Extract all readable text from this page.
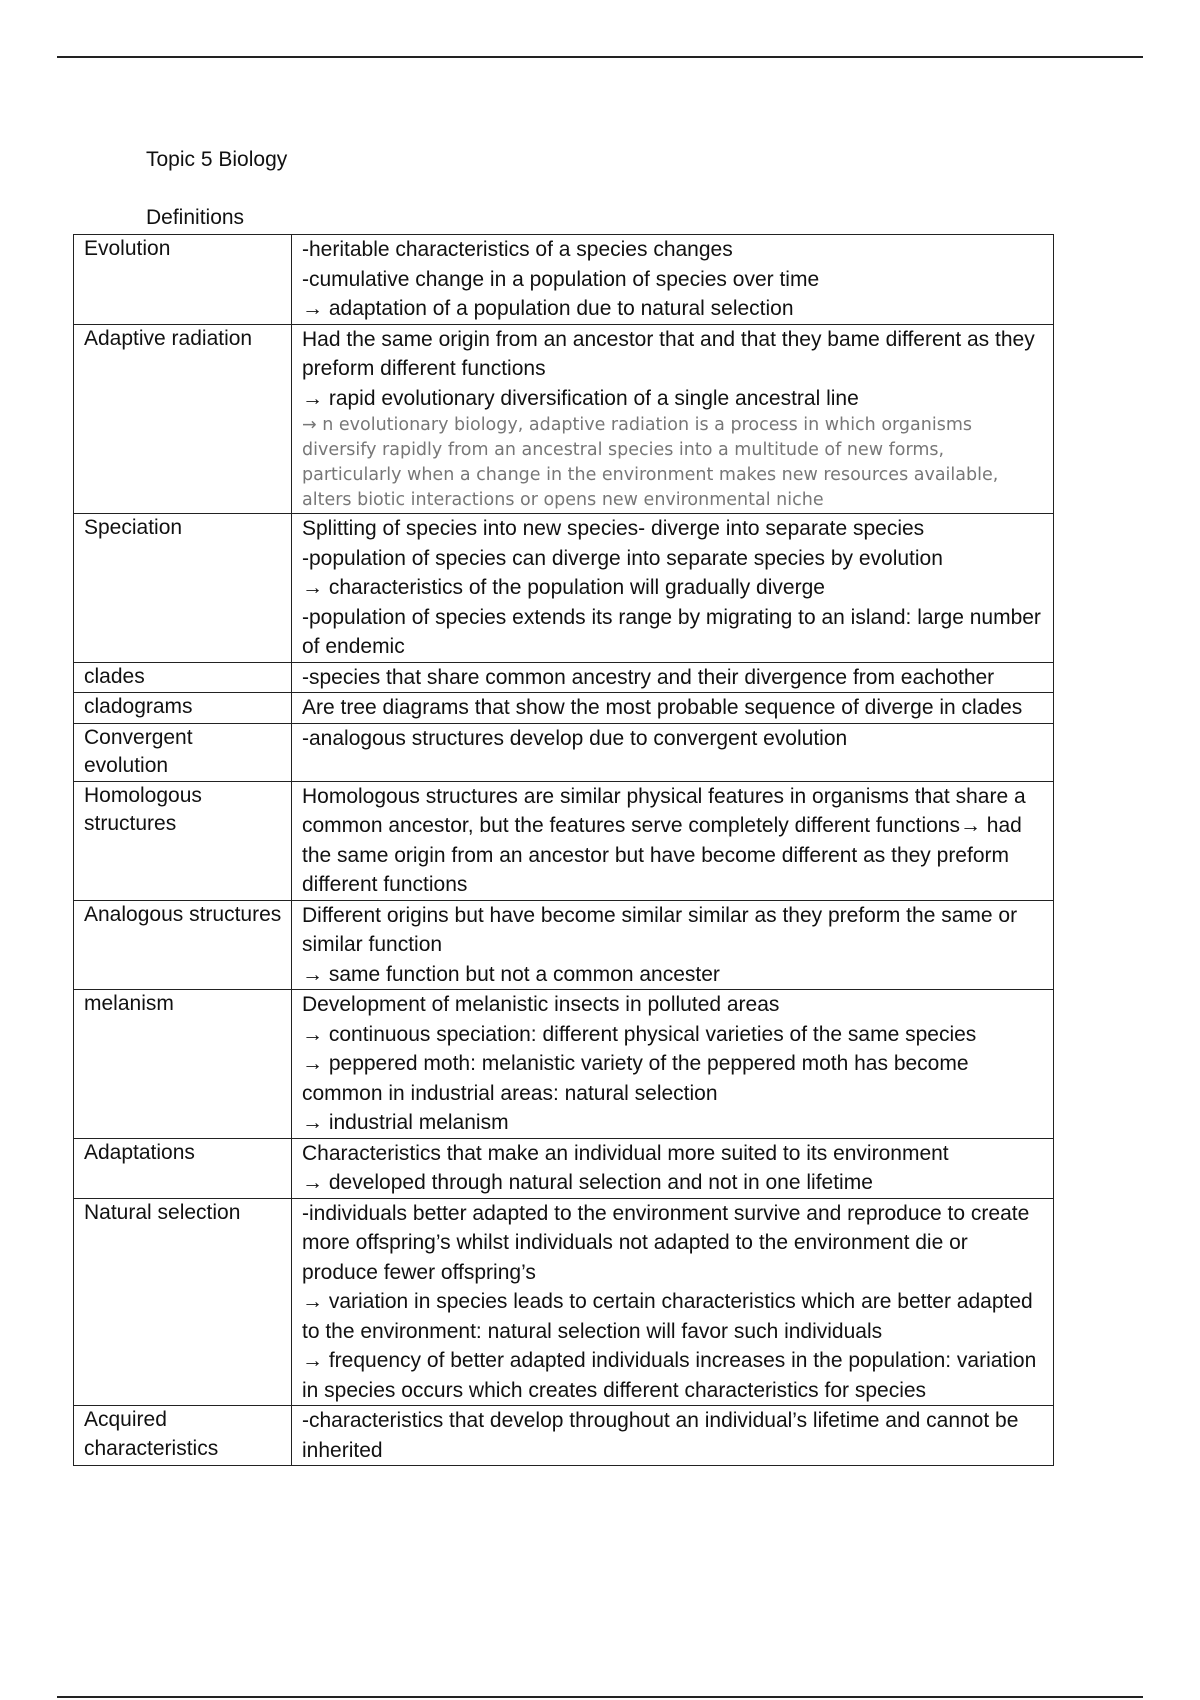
Topic 5 Biology
Definitions
Evolution	-heritable characteristics of a species changes
-cumulative change in a population of species over time
→ adaptation of a population due to natural selection

Adaptive radiation	Had the same origin from an ancestor that and that they bame different as they preform different functions
→ rapid evolutionary diversification of a single ancestral line
→ n evolutionary biology, adaptive radiation is a process in which organisms diversify rapidly from an ancestral species into a multitude of new forms, particularly when a change in the environment makes new resources available, alters biotic interactions or opens new environmental niche

Speciation	Splitting of species into new species- diverge into separate species
-population of species can diverge into separate species by evolution
→ characteristics of the population will gradually diverge
-population of species extends its range by migrating to an island: large number of endemic

clades	-species that share common ancestry and their divergence from eachother

cladograms	Are tree diagrams that show the most probable sequence of diverge in clades

Convergent evolution	-analogous structures develop due to convergent evolution

Homologous structures	Homologous structures are similar physical features in organisms that share a common ancestor, but the features serve completely different functions→ had the same origin from an ancestor but have become different as they preform different functions

Analogous structures	Different origins but have become similar similar as they preform the same or similar function
→ same function but not a common ancester

melanism	Development of melanistic insects in polluted areas
→ continuous speciation: different physical varieties of the same species
→ peppered moth: melanistic variety of the peppered moth has become common in industrial areas: natural selection
→ industrial melanism

Adaptations	Characteristics that make an individual more suited to its environment
→ developed through natural selection and not in one lifetime

Natural selection	-individuals better adapted to the environment survive and reproduce to create more offspring’s whilst individuals not adapted to the environment die or produce fewer offspring’s
→ variation in species leads to certain characteristics which are better adapted to the environment: natural selection will favor such individuals
→ frequency of better adapted individuals increases in the population: variation in species occurs which creates different characteristics for species

Acquired characteristics	-characteristics that develop throughout an individual’s lifetime and cannot be inherited
